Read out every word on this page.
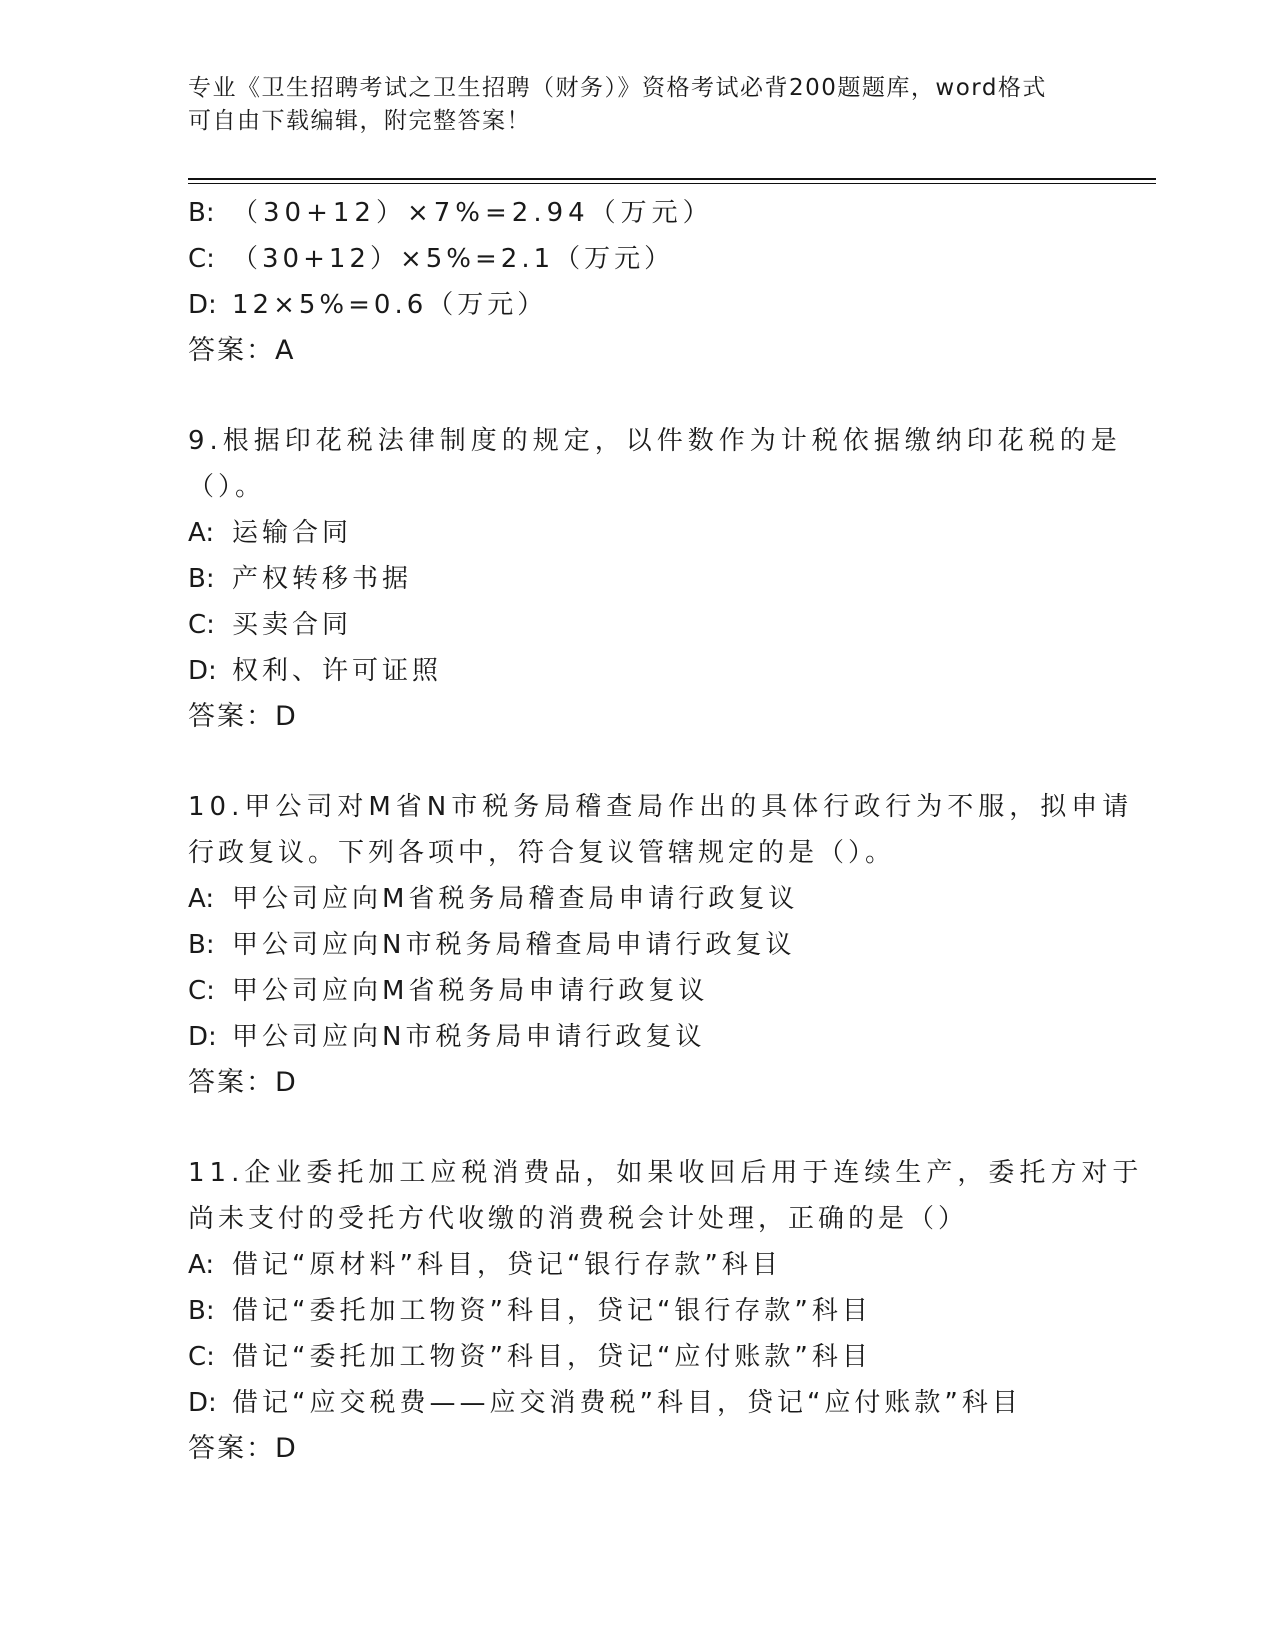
专业《卫生招聘考试之卫生招聘（财务）》资格考试必背200题题库，word格式
可自由下载编辑，附完整答案！
B: （30+12）×7%=2.94（万元）
C: （30+12）×5%=2.1（万元）
D: 12×5%=0.6（万元）
答案：A
9.根据印花税法律制度的规定，以件数作为计税依据缴纳印花税的是
（）。
A: 运输合同
B: 产权转移书据
C: 买卖合同
D: 权利、许可证照
答案：D
10.甲公司对M省N市税务局稽查局作出的具体行政行为不服，拟申请
行政复议。下列各项中，符合复议管辖规定的是（）。
A: 甲公司应向M省税务局稽查局申请行政复议
B: 甲公司应向N市税务局稽查局申请行政复议
C: 甲公司应向M省税务局申请行政复议
D: 甲公司应向N市税务局申请行政复议
答案：D
11.企业委托加工应税消费品，如果收回后用于连续生产，委托方对于
尚未支付的受托方代收缴的消费税会计处理，正确的是（）
A: 借记“原材料”科目，贷记“银行存款”科目
B: 借记“委托加工物资”科目，贷记“银行存款”科目
C: 借记“委托加工物资”科目，贷记“应付账款”科目
D: 借记“应交税费——应交消费税”科目，贷记“应付账款”科目
答案：D
